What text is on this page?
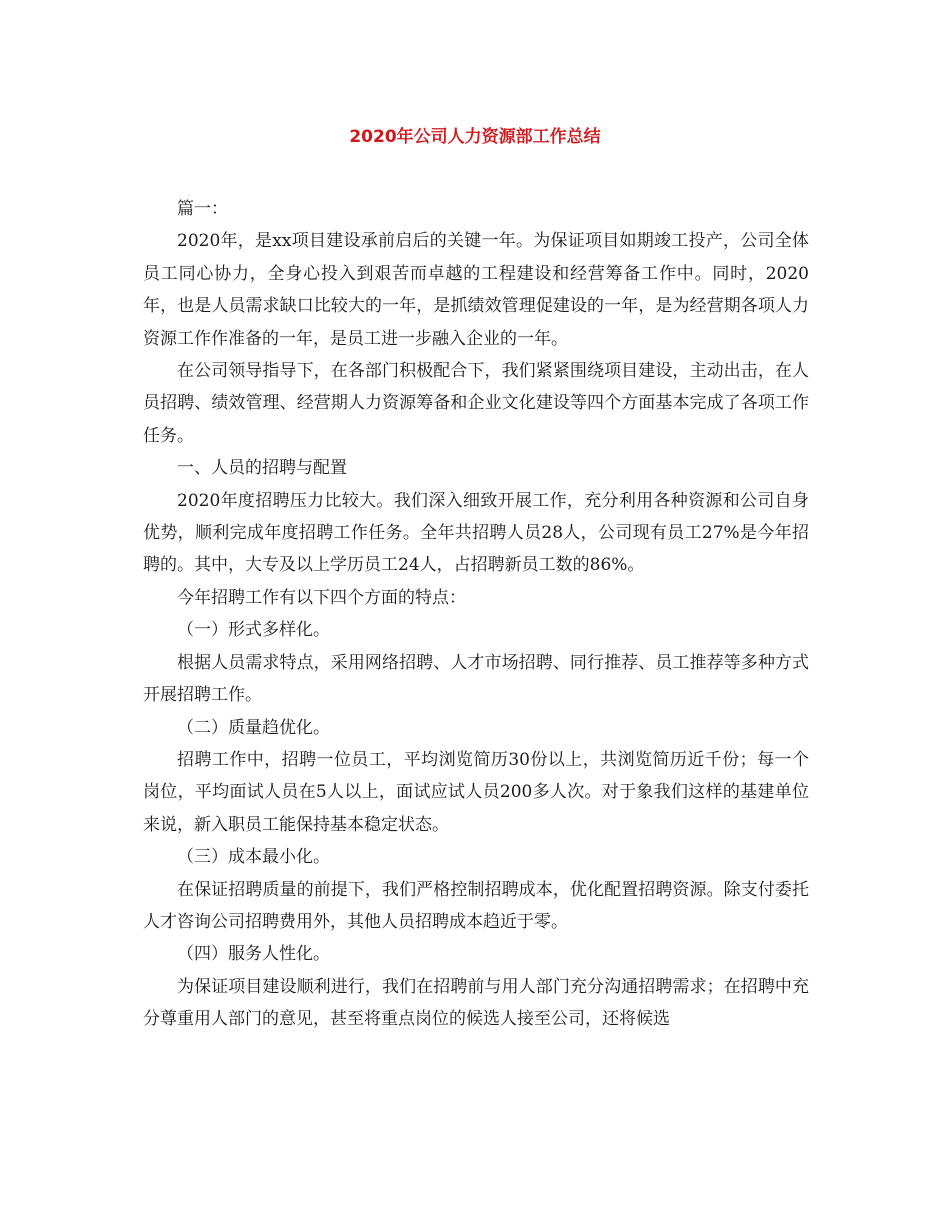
2020年公司人力资源部工作总结

篇一：

2020年，是xx项目建设承前启后的关键一年。为保证项目如期竣工投产，公司全体员工同心协力，全身心投入到艰苦而卓越的工程建设和经营筹备工作中。同时，2020年，也是人员需求缺口比较大的一年，是抓绩效管理促建设的一年，是为经营期各项人力资源工作作准备的一年，是员工进一步融入企业的一年。

在公司领导指导下，在各部门积极配合下，我们紧紧围绕项目建设，主动出击，在人员招聘、绩效管理、经营期人力资源筹备和企业文化建设等四个方面基本完成了各项工作任务。

一、人员的招聘与配置

2020年度招聘压力比较大。我们深入细致开展工作，充分利用各种资源和公司自身优势，顺利完成年度招聘工作任务。全年共招聘人员28人，公司现有员工27%是今年招聘的。其中，大专及以上学历员工24人，占招聘新员工数的86%。

今年招聘工作有以下四个方面的特点：

（一）形式多样化。

根据人员需求特点，采用网络招聘、人才市场招聘、同行推荐、员工推荐等多种方式开展招聘工作。

（二）质量趋优化。

招聘工作中，招聘一位员工，平均浏览简历30份以上，共浏览简历近千份；每一个岗位，平均面试人员在5人以上，面试应试人员200多人次。对于象我们这样的基建单位来说，新入职员工能保持基本稳定状态。

（三）成本最小化。

在保证招聘质量的前提下，我们严格控制招聘成本，优化配置招聘资源。除支付委托人才咨询公司招聘费用外，其他人员招聘成本趋近于零。

（四）服务人性化。

为保证项目建设顺利进行，我们在招聘前与用人部门充分沟通招聘需求；在招聘中充分尊重用人部门的意见，甚至将重点岗位的候选人接至公司，还将候选
